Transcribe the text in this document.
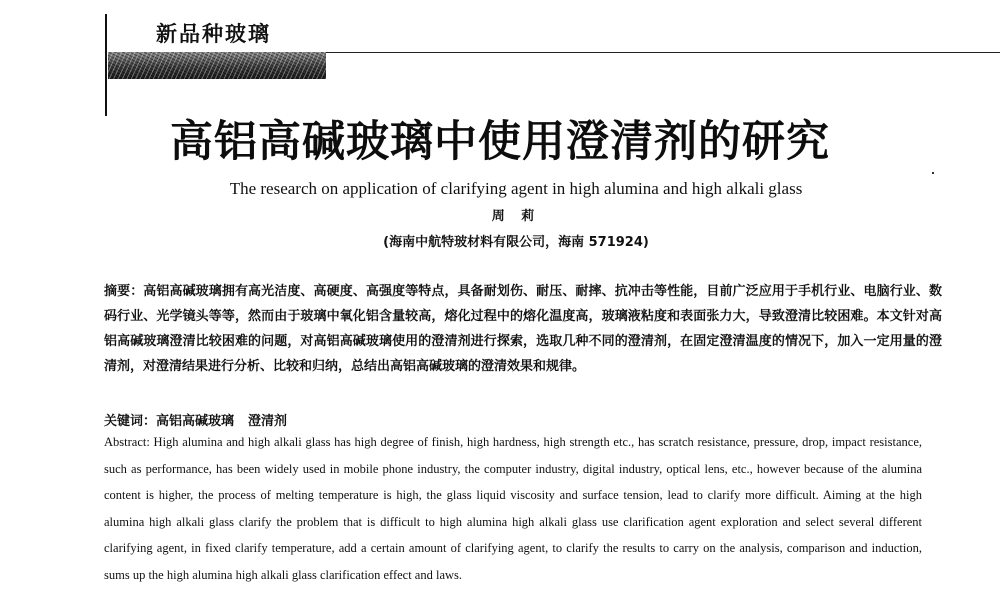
新品种玻璃
高铝高碱玻璃中使用澄清剂的研究
The research on application of clarifying agent in high alumina and high alkali glass
周 莉
(海南中航特玻材料有限公司，海南 571924)
摘要：高铝高碱玻璃拥有高光洁度、高硬度、高强度等特点，具备耐划伤、耐压、耐摔、抗冲击等性能，目前广泛应用于手机行业、电脑行业、数码行业、光学镜头等等，然而由于玻璃中氧化铝含量较高，熔化过程中的熔化温度高，玻璃液粘度和表面张力大，导致澄清比较困难。本文针对高铝高碱玻璃澄清比较困难的问题，对高铝高碱玻璃使用的澄清剂进行探索，选取几种不同的澄清剂，在固定澄清温度的情况下，加入一定用量的澄清剂，对澄清结果进行分析、比较和归纳，总结出高铝高碱玻璃的澄清效果和规律。
关键词：高铝高碱玻璃 澄清剂
Abstract: High alumina and high alkali glass has high degree of finish, high hardness, high strength etc., has scratch resistance, pressure, drop, impact resistance, such as performance, has been widely used in mobile phone industry, the computer industry, digital industry, optical lens, etc., however because of the alumina content is higher, the process of melting temperature is high, the glass liquid viscosity and surface tension, lead to clarify more difficult. Aiming at the high alumina high alkali glass clarify the problem that is difficult to high alumina high alkali glass use clarification agent exploration and select several different clarifying agent, in fixed clarify temperature, add a certain amount of clarifying agent, to clarify the results to carry on the analysis, comparison and induction, sums up the high alumina high alkali glass clarification effect and laws.
